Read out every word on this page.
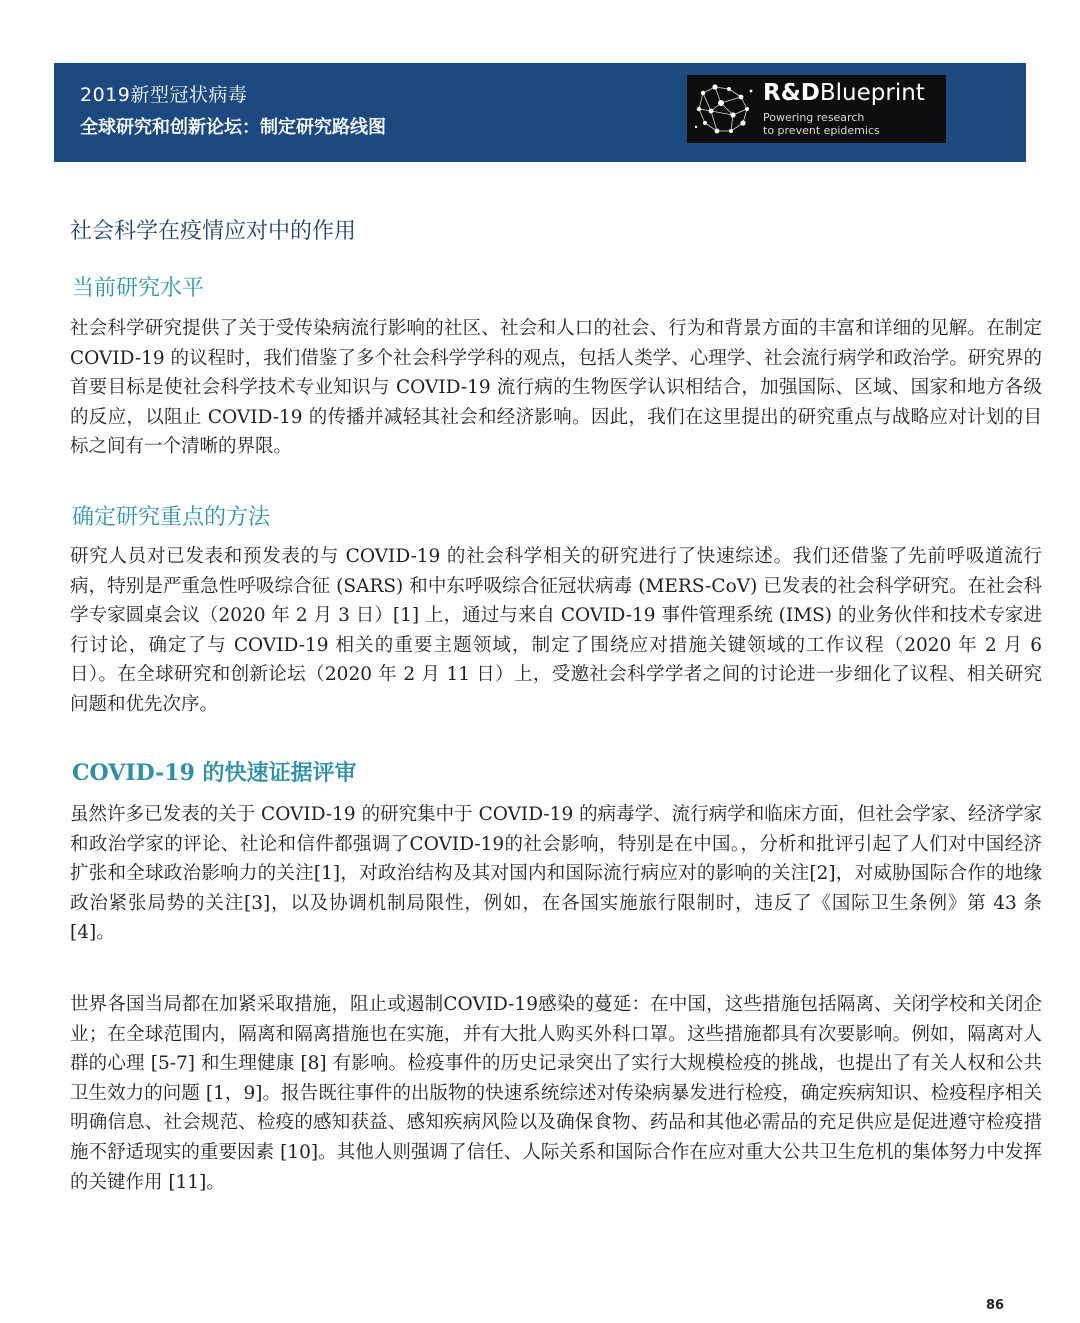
2019新型冠状病毒
全球研究和创新论坛：制定研究路线图
R&DBlueprint
Powering research
to prevent epidemics
社会科学在疫情应对中的作用
当前研究水平

社会科学研究提供了关于受传染病流行影响的社区、社会和人口的社会、行为和背景方面的丰富和详细的见解。在制定 COVID-19 的议程时，我们借鉴了多个社会科学学科的观点，包括人类学、心理学、社会流行病学和政治学。研究界的首要目标是使社会科学技术专业知识与 COVID-19 流行病的生物医学认识相结合，加强国际、区域、国家和地方各级的反应，以阻止 COVID-19 的传播并减轻其社会和经济影响。因此，我们在这里提出的研究重点与战略应对计划的目标之间有一个清晰的界限。

确定研究重点的方法

研究人员对已发表和预发表的与 COVID-19 的社会科学相关的研究进行了快速综述。我们还借鉴了先前呼吸道流行病，特别是严重急性呼吸综合征 (SARS) 和中东呼吸综合征冠状病毒 (MERS-CoV) 已发表的社会科学研究。在社会科学专家圆桌会议（2020 年 2 月 3 日）[1] 上，通过与来自 COVID-19 事件管理系统 (IMS) 的业务伙伴和技术专家进行讨论，确定了与 COVID-19 相关的重要主题领域，制定了围绕应对措施关键领域的工作议程（2020 年 2 月 6 日）。在全球研究和创新论坛（2020 年 2 月 11 日）上，受邀社会科学学者之间的讨论进一步细化了议程、相关研究问题和优先次序。

COVID-19 的快速证据评审

虽然许多已发表的关于 COVID-19 的研究集中于 COVID-19 的病毒学、流行病学和临床方面，但社会学家、经济学家和政治学家的评论、社论和信件都强调了COVID-19的社会影响，特别是在中国。，分析和批评引起了人们对中国经济扩张和全球政治影响力的关注[1]，对政治结构及其对国内和国际流行病应对的影响的关注[2]，对威胁国际合作的地缘政治紧张局势的关注[3]，以及协调机制局限性，例如，在各国实施旅行限制时，违反了《国际卫生条例》第 43 条 [4]。

世界各国当局都在加紧采取措施，阻止或遏制COVID-19感染的蔓延：在中国，这些措施包括隔离、关闭学校和关闭企业；在全球范围内，隔离和隔离措施也在实施，并有大批人购买外科口罩。这些措施都具有次要影响。例如，隔离对人群的心理 [5-7] 和生理健康 [8] 有影响。检疫事件的历史记录突出了实行大规模检疫的挑战，也提出了有关人权和公共卫生效力的问题 [1，9]。报告既往事件的出版物的快速系统综述对传染病暴发进行检疫，确定疾病知识、检疫程序相关明确信息、社会规范、检疫的感知获益、感知疾病风险以及确保食物、药品和其他必需品的充足供应是促进遵守检疫措施不舒适现实的重要因素 [10]。其他人则强调了信任、人际关系和国际合作在应对重大公共卫生危机的集体努力中发挥的关键作用 [11]。

86
